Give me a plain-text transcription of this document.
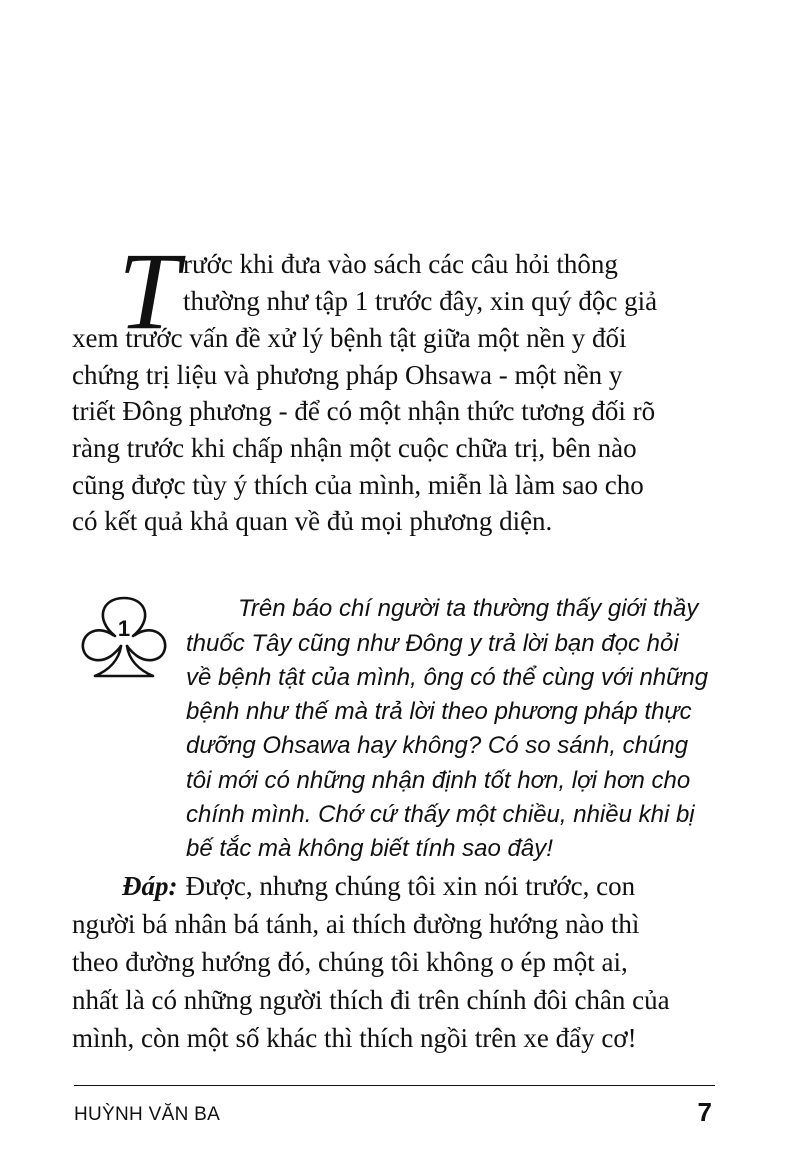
T rước khi đưa vào sách các câu hỏi thông
thường như tập 1 trước đây, xin quý độc giả
xem trước vấn đề xử lý bệnh tật giữa một nền y đối
chứng trị liệu và phương pháp Ohsawa - một nền y
triết Đông phương - để có một nhận thức tương đối rõ
ràng trước khi chấp nhận một cuộc chữa trị, bên nào
cũng được tùy ý thích của mình, miễn là làm sao cho
có kết quả khả quan về đủ mọi phương diện.
1
Trên báo chí người ta thường thấy giới thầy
thuốc Tây cũng như Đông y trả lời bạn đọc hỏi
về bệnh tật của mình, ông có thể cùng với những
bệnh như thế mà trả lời theo phương pháp thực
dưỡng Ohsawa hay không? Có so sánh, chúng
tôi mới có những nhận định tốt hơn, lợi hơn cho
chính mình. Chớ cứ thấy một chiều, nhiều khi bị
bế tắc mà không biết tính sao đây!
Đáp: Được, nhưng chúng tôi xin nói trước, con
người bá nhân bá tánh, ai thích đường hướng nào thì
theo đường hướng đó, chúng tôi không o ép một ai,
nhất là có những người thích đi trên chính đôi chân của
mình, còn một số khác thì thích ngồi trên xe đẩy cơ!
HUỲNH VĂN BA	7
